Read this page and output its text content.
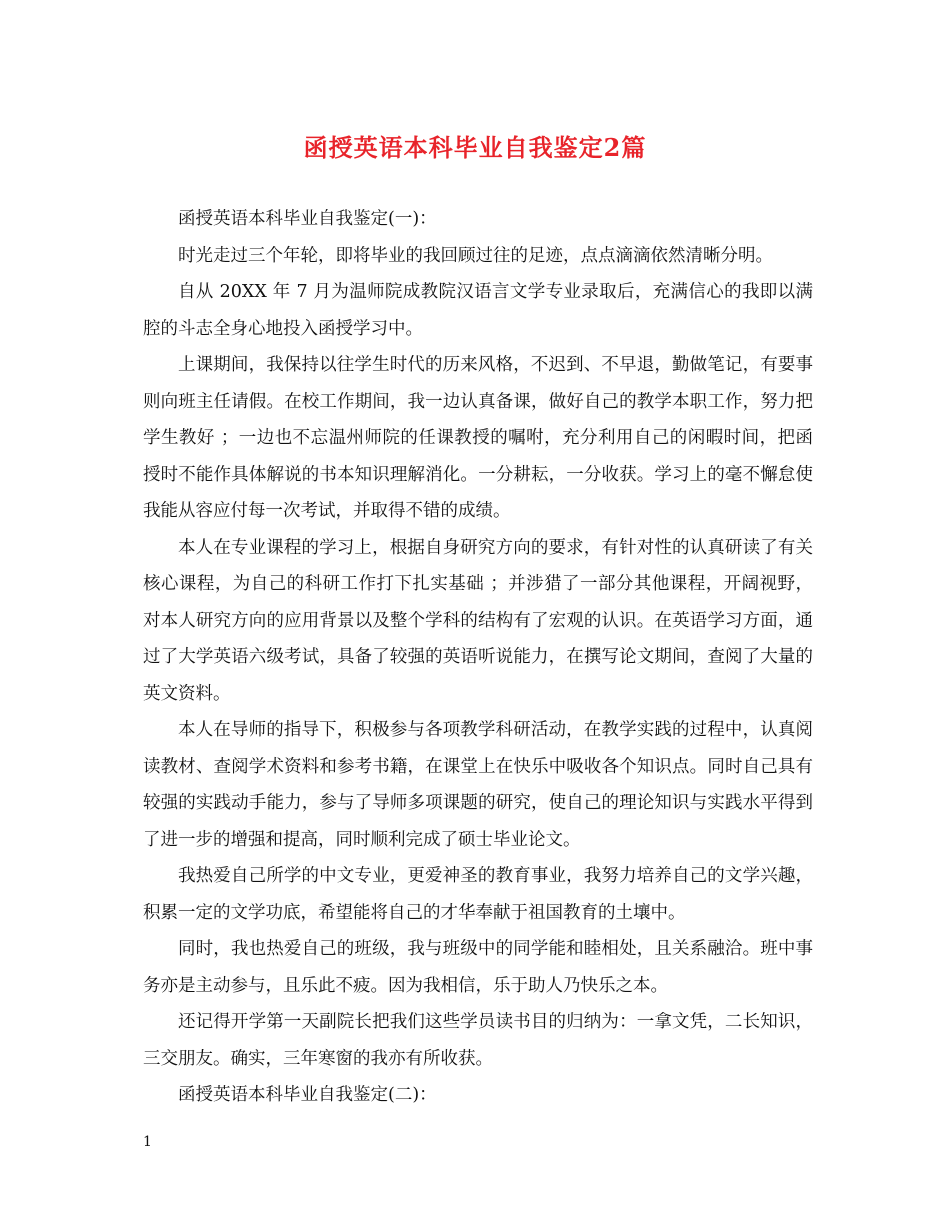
函授英语本科毕业自我鉴定2篇

函授英语本科毕业自我鉴定(一)：

时光走过三个年轮，即将毕业的我回顾过往的足迹，点点滴滴依然清晰分明。

自从 20XX 年 7 月为温师院成教院汉语言文学专业录取后，充满信心的我即以满腔的斗志全身心地投入函授学习中。

上课期间，我保持以往学生时代的历来风格，不迟到、不早退，勤做笔记，有要事则向班主任请假。在校工作期间，我一边认真备课，做好自己的教学本职工作，努力把学生教好 ；一边也不忘温州师院的任课教授的嘱咐，充分利用自己的闲暇时间，把函授时不能作具体解说的书本知识理解消化。一分耕耘，一分收获。学习上的毫不懈怠使我能从容应付每一次考试，并取得不错的成绩。

本人在专业课程的学习上，根据自身研究方向的要求，有针对性的认真研读了有关核心课程，为自己的科研工作打下扎实基础 ；并涉猎了一部分其他课程，开阔视野，对本人研究方向的应用背景以及整个学科的结构有了宏观的认识。在英语学习方面，通过了大学英语六级考试，具备了较强的英语听说能力，在撰写论文期间，查阅了大量的英文资料。

本人在导师的指导下，积极参与各项教学科研活动，在教学实践的过程中，认真阅读教材、查阅学术资料和参考书籍，在课堂上在快乐中吸收各个知识点。同时自己具有较强的实践动手能力，参与了导师多项课题的研究，使自己的理论知识与实践水平得到了进一步的增强和提高，同时顺利完成了硕士毕业论文。

我热爱自己所学的中文专业，更爱神圣的教育事业，我努力培养自己的文学兴趣，积累一定的文学功底，希望能将自己的才华奉献于祖国教育的土壤中。

同时，我也热爱自己的班级，我与班级中的同学能和睦相处，且关系融洽。班中事务亦是主动参与，且乐此不疲。因为我相信，乐于助人乃快乐之本。

还记得开学第一天副院长把我们这些学员读书目的归纳为：一拿文凭，二长知识，三交朋友。确实，三年寒窗的我亦有所收获。

函授英语本科毕业自我鉴定(二)：

1
